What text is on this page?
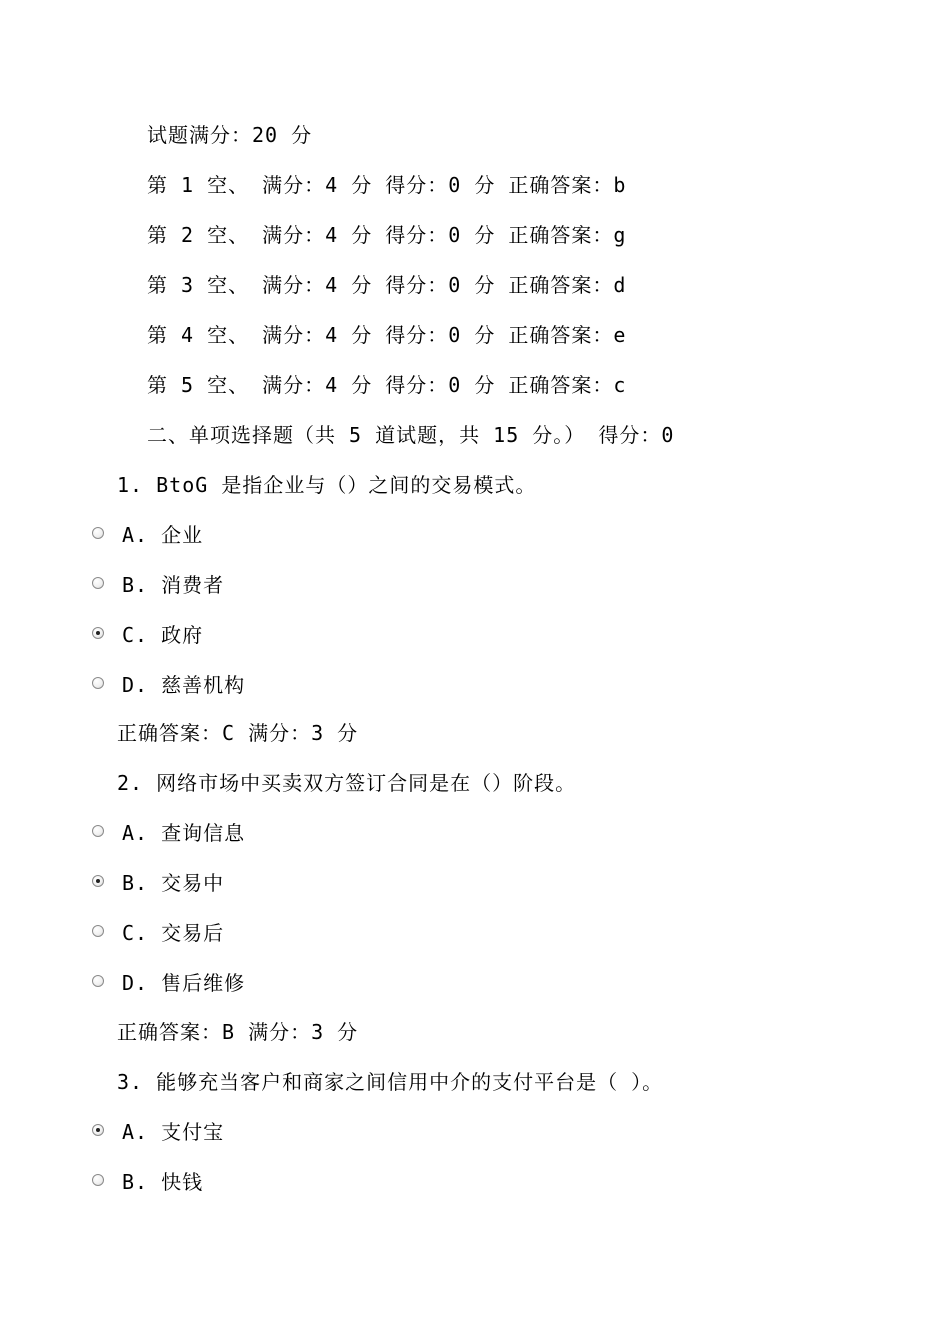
试题满分：20 分
第 1 空、 满分：4 分 得分：0 分 正确答案：b
第 2 空、 满分：4 分 得分：0 分 正确答案：g
第 3 空、 满分：4 分 得分：0 分 正确答案：d
第 4 空、 满分：4 分 得分：0 分 正确答案：e
第 5 空、 满分：4 分 得分：0 分 正确答案：c
二、单项选择题（共 5 道试题，共 15 分。） 得分：0
1. BtoG 是指企业与（）之间的交易模式。
A. 企业
B. 消费者
C. 政府
D. 慈善机构
正确答案：C 满分：3 分
2. 网络市场中买卖双方签订合同是在（）阶段。
A. 查询信息
B. 交易中
C. 交易后
D. 售后维修
正确答案：B 满分：3 分
3. 能够充当客户和商家之间信用中介的支付平台是（ ）。
A. 支付宝
B. 快钱
